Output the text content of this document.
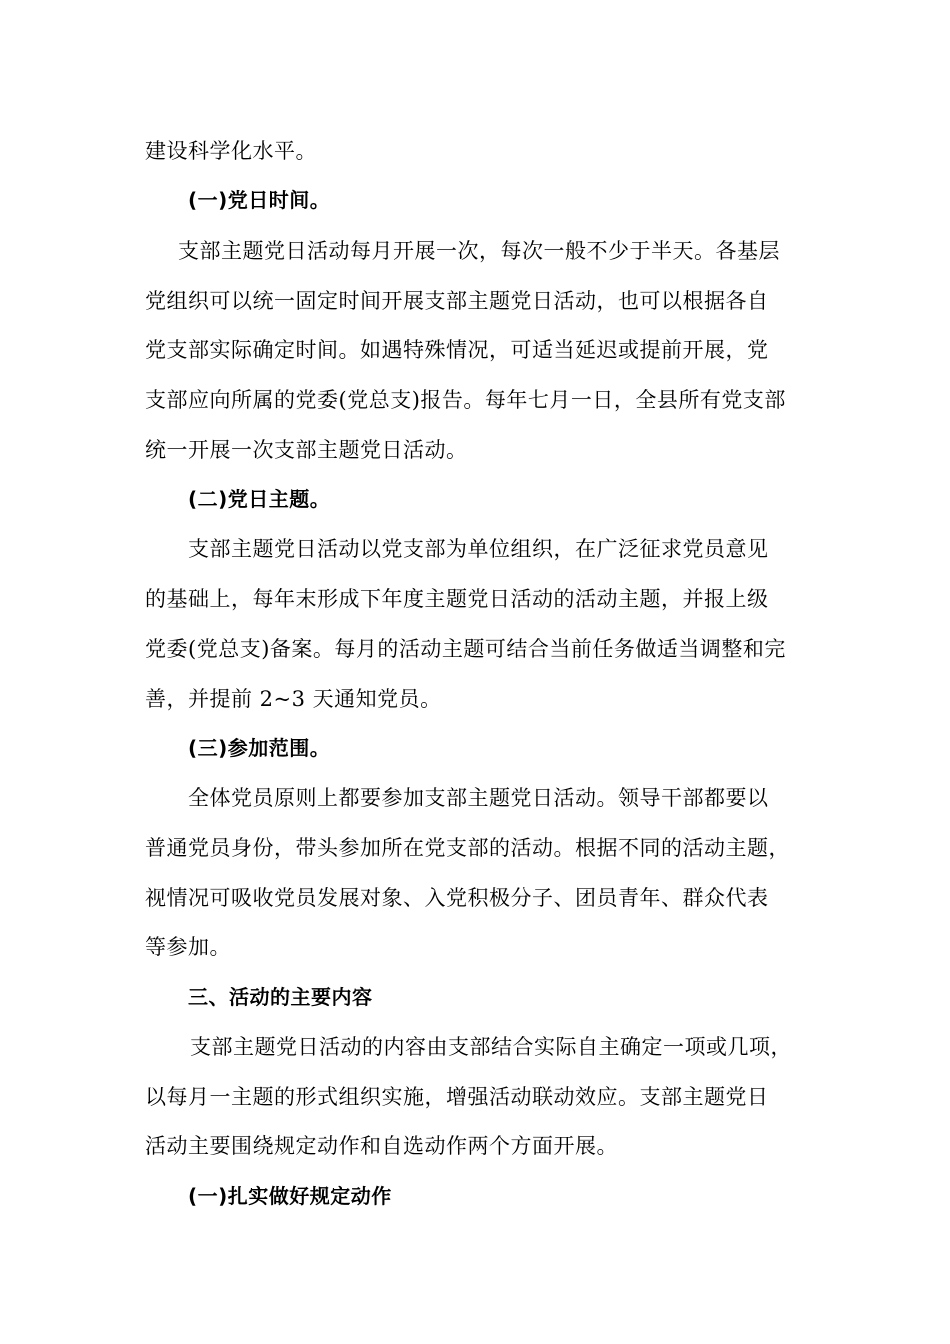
建设科学化水平。
(一)党日时间。
支部主题党日活动每月开展一次，每次一般不少于半天。各基层
党组织可以统一固定时间开展支部主题党日活动，也可以根据各自
党支部实际确定时间。如遇特殊情况，可适当延迟或提前开展，党
支部应向所属的党委(党总支)报告。每年七月一日，全县所有党支部
统一开展一次支部主题党日活动。
(二)党日主题。
支部主题党日活动以党支部为单位组织，在广泛征求党员意见
的基础上，每年末形成下年度主题党日活动的活动主题，并报上级
党委(党总支)备案。每月的活动主题可结合当前任务做适当调整和完
善，并提前 2~3 天通知党员。
(三)参加范围。
全体党员原则上都要参加支部主题党日活动。领导干部都要以
普通党员身份，带头参加所在党支部的活动。根据不同的活动主题，
视情况可吸收党员发展对象、入党积极分子、团员青年、群众代表
等参加。
三、活动的主要内容
支部主题党日活动的内容由支部结合实际自主确定一项或几项，
以每月一主题的形式组织实施，增强活动联动效应。支部主题党日
活动主要围绕规定动作和自选动作两个方面开展。
(一)扎实做好规定动作
